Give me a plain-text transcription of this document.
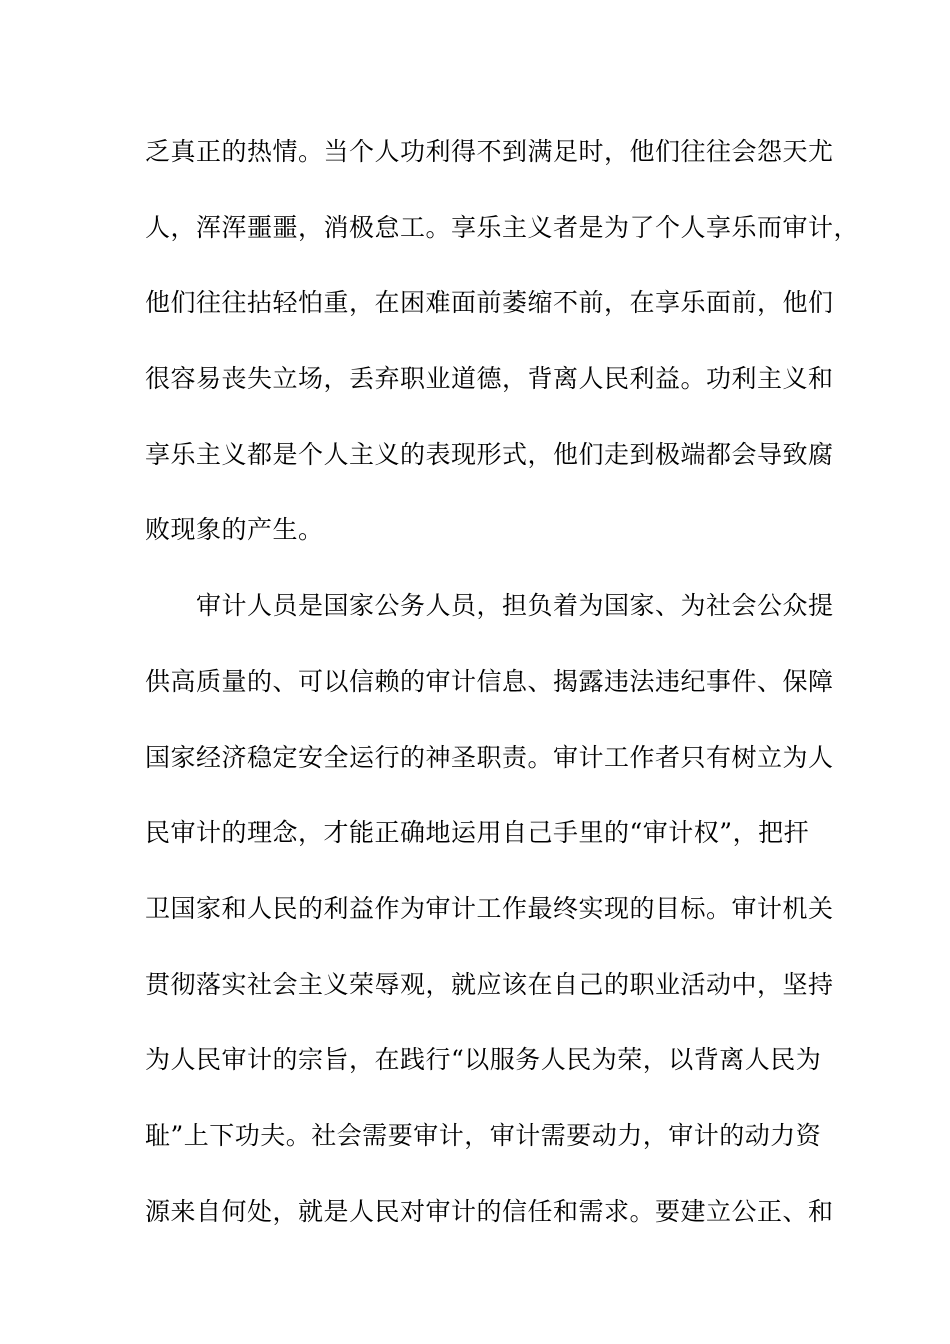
乏真正的热情。当个人功利得不到满足时，他们往往会怨天尤
人，浑浑噩噩，消极怠工。享乐主义者是为了个人享乐而审计，
他们往往拈轻怕重，在困难面前萎缩不前，在享乐面前，他们
很容易丧失立场，丢弃职业道德，背离人民利益。功利主义和
享乐主义都是个人主义的表现形式，他们走到极端都会导致腐
败现象的产生。
　　审计人员是国家公务人员，担负着为国家、为社会公众提
供高质量的、可以信赖的审计信息、揭露违法违纪事件、保障
国家经济稳定安全运行的神圣职责。审计工作者只有树立为人
民审计的理念，才能正确地运用自己手里的“审计权”，把扞
卫国家和人民的利益作为审计工作最终实现的目标。审计机关
贯彻落实社会主义荣辱观，就应该在自己的职业活动中，坚持
为人民审计的宗旨，在践行“以服务人民为荣，以背离人民为
耻”上下功夫。社会需要审计，审计需要动力，审计的动力资
源来自何处，就是人民对审计的信任和需求。要建立公正、和
